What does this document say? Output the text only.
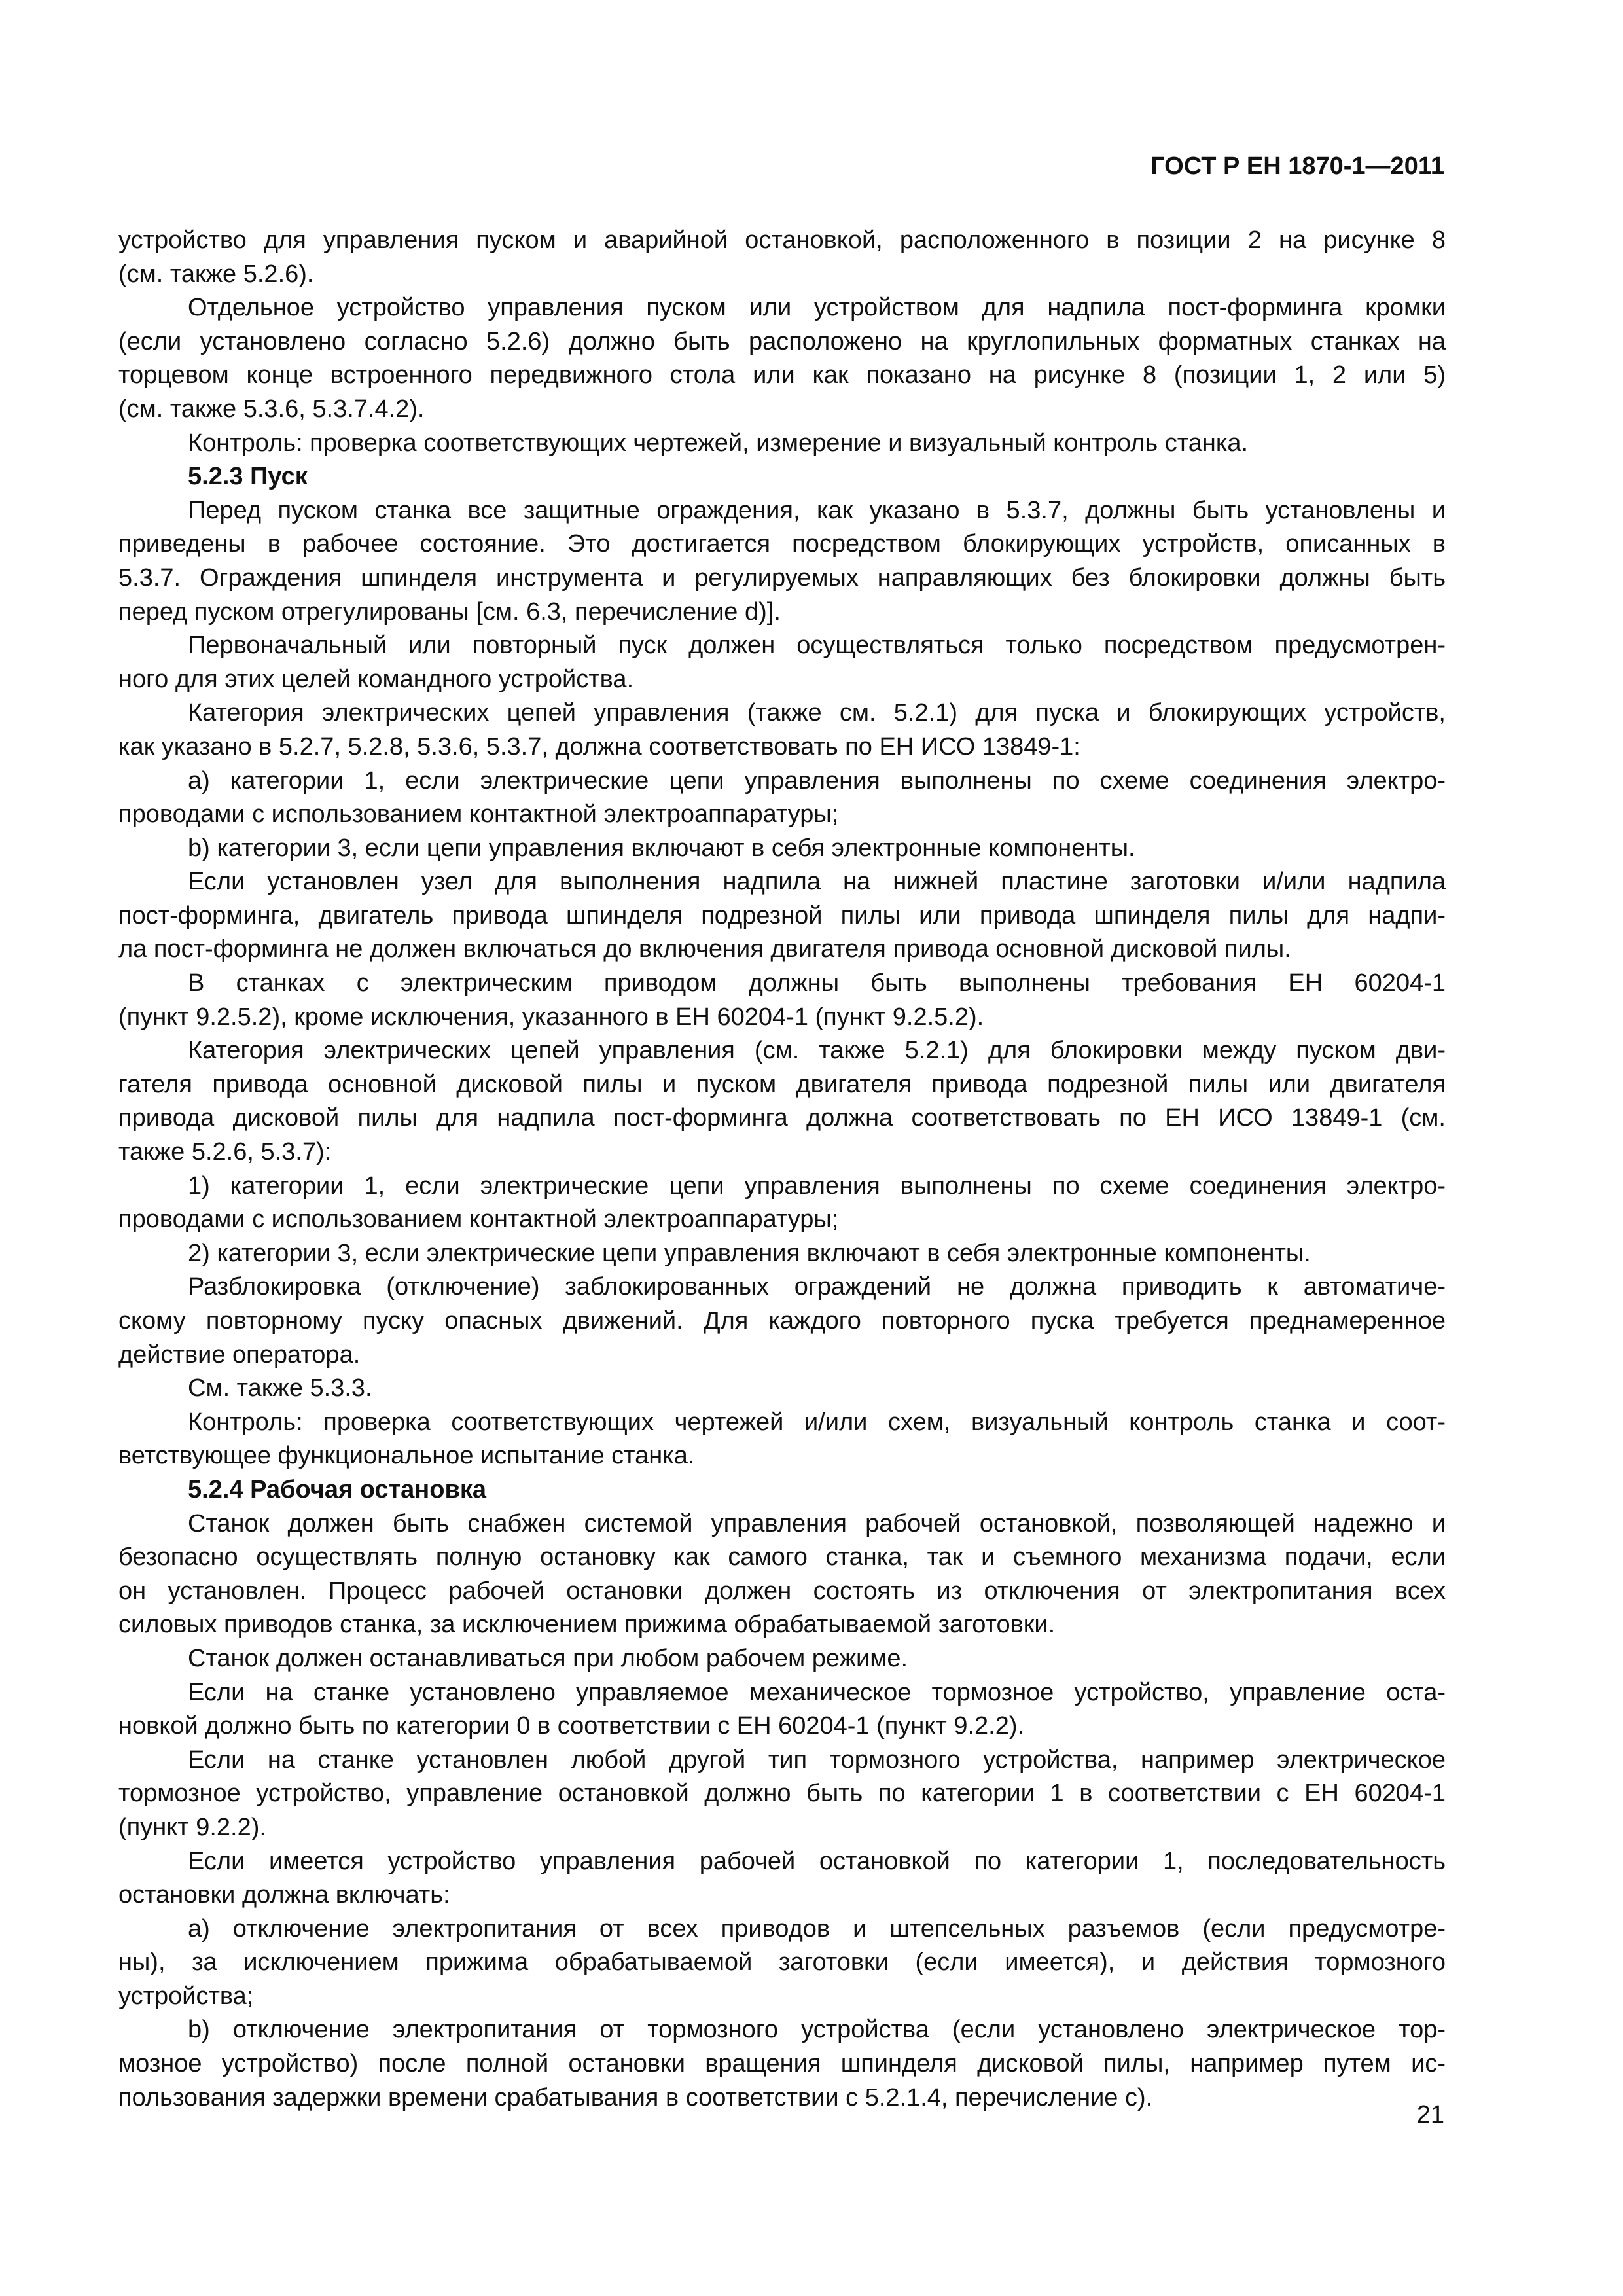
ГОСТ Р ЕН 1870-1—2011
устройство для управления пуском и аварийной остановкой, расположенного в позиции 2 на рисунке 8
(см. также 5.2.6).
Отдельное устройство управления пуском или устройством для надпила пост-форминга кромки
(если установлено согласно 5.2.6) должно быть расположено на круглопильных форматных станках на
торцевом конце встроенного передвижного стола или как показано на рисунке 8 (позиции 1, 2 или 5)
(см. также 5.3.6, 5.3.7.4.2).
Контроль: проверка соответствующих чертежей, измерение и визуальный контроль станка.
5.2.3 Пуск
Перед пуском станка все защитные ограждения, как указано в 5.3.7, должны быть установлены и
приведены в рабочее состояние. Это достигается посредством блокирующих устройств, описанных в
5.3.7. Ограждения шпинделя инструмента и регулируемых направляющих без блокировки должны быть
перед пуском отрегулированы [см. 6.3, перечисление d)].
Первоначальный или повторный пуск должен осуществляться только посредством предусмотрен-
ного для этих целей командного устройства.
Категория электрических цепей управления (также см. 5.2.1) для пуска и блокирующих устройств,
как указано в 5.2.7, 5.2.8, 5.3.6, 5.3.7, должна соответствовать по ЕН ИСО 13849-1:
а) категории 1, если электрические цепи управления выполнены по схеме соединения электро-
проводами с использованием контактной электроаппаратуры;
b) категории 3, если цепи управления включают в себя электронные компоненты.
Если установлен узел для выполнения надпила на нижней пластине заготовки и/или надпила
пост-форминга, двигатель привода шпинделя подрезной пилы или привода шпинделя пилы для надпи-
ла пост-форминга не должен включаться до включения двигателя привода основной дисковой пилы.
В станках с электрическим приводом должны быть выполнены требования ЕН 60204-1
(пункт 9.2.5.2), кроме исключения, указанного в ЕН 60204-1 (пункт 9.2.5.2).
Категория электрических цепей управления (см. также 5.2.1) для блокировки между пуском дви-
гателя привода основной дисковой пилы и пуском двигателя привода подрезной пилы или двигателя
привода дисковой пилы для надпила пост-форминга должна соответствовать по ЕН ИСО 13849-1 (см.
также 5.2.6, 5.3.7):
1) категории 1, если электрические цепи управления выполнены по схеме соединения электро-
проводами с использованием контактной электроаппаратуры;
2) категории 3, если электрические цепи управления включают в себя электронные компоненты.
Разблокировка (отключение) заблокированных ограждений не должна приводить к автоматиче-
скому повторному пуску опасных движений. Для каждого повторного пуска требуется преднамеренное
действие оператора.
См. также 5.3.3.
Контроль: проверка соответствующих чертежей и/или схем, визуальный контроль станка и соот-
ветствующее функциональное испытание станка.
5.2.4 Рабочая остановка
Станок должен быть снабжен системой управления рабочей остановкой, позволяющей надежно и
безопасно осуществлять полную остановку как самого станка, так и съемного механизма подачи, если
он установлен. Процесс рабочей остановки должен состоять из отключения от электропитания всех
силовых приводов станка, за исключением прижима обрабатываемой заготовки.
Станок должен останавливаться при любом рабочем режиме.
Если на станке установлено управляемое механическое тормозное устройство, управление оста-
новкой должно быть по категории 0 в соответствии с ЕН 60204-1 (пункт 9.2.2).
Если на станке установлен любой другой тип тормозного устройства, например электрическое
тормозное устройство, управление остановкой должно быть по категории 1 в соответствии с ЕН 60204-1
(пункт 9.2.2).
Если имеется устройство управления рабочей остановкой по категории 1, последовательность
остановки должна включать:
а) отключение электропитания от всех приводов и штепсельных разъемов (если предусмотре-
ны), за исключением прижима обрабатываемой заготовки (если имеется), и действия тормозного
устройства;
b) отключение электропитания от тормозного устройства (если установлено электрическое тор-
мозное устройство) после полной остановки вращения шпинделя дисковой пилы, например путем ис-
пользования задержки времени срабатывания в соответствии с 5.2.1.4, перечисление с).
21
